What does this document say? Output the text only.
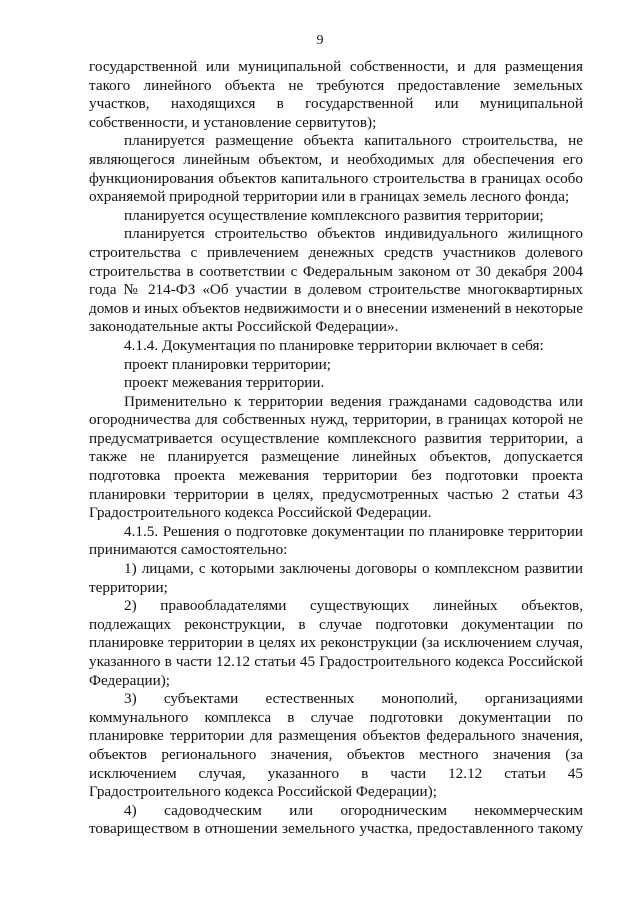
9

государственной или муниципальной собственности, и для размещения такого линейного объекта не требуются предоставление земельных участков, находящихся в государственной или муниципальной собственности, и установление сервитутов);

планируется размещение объекта капитального строительства, не являющегося линейным объектом, и необходимых для обеспечения его функционирования объектов капитального строительства в границах особо охраняемой природной территории или в границах земель лесного фонда;

планируется осуществление комплексного развития территории;

планируется строительство объектов индивидуального жилищного строительства с привлечением денежных средств участников долевого строительства в соответствии с Федеральным законом от 30 декабря 2004 года № 214-ФЗ «Об участии в долевом строительстве многоквартирных домов и иных объектов недвижимости и о внесении изменений в некоторые законодательные акты Российской Федерации».

4.1.4. Документация по планировке территории включает в себя:

проект планировки территории;

проект межевания территории.

Применительно к территории ведения гражданами садоводства или огородничества для собственных нужд, территории, в границах которой не предусматривается осуществление комплексного развития территории, а также не планируется размещение линейных объектов, допускается подготовка проекта межевания территории без подготовки проекта планировки территории в целях, предусмотренных частью 2 статьи 43 Градостроительного кодекса Российской Федерации.

4.1.5. Решения о подготовке документации по планировке территории принимаются самостоятельно:

1) лицами, с которыми заключены договоры о комплексном развитии территории;

2) правообладателями существующих линейных объектов, подлежащих реконструкции, в случае подготовки документации по планировке территории в целях их реконструкции (за исключением случая, указанного в части 12.12 статьи 45 Градостроительного кодекса Российской Федерации);

3) субъектами естественных монополий, организациями коммунального комплекса в случае подготовки документации по планировке территории для размещения объектов федерального значения, объектов регионального значения, объектов местного значения (за исключением случая, указанного в части 12.12 статьи 45 Градостроительного кодекса Российской Федерации);

4) садоводческим или огородническим некоммерческим товариществом в отношении земельного участка, предоставленного такому
